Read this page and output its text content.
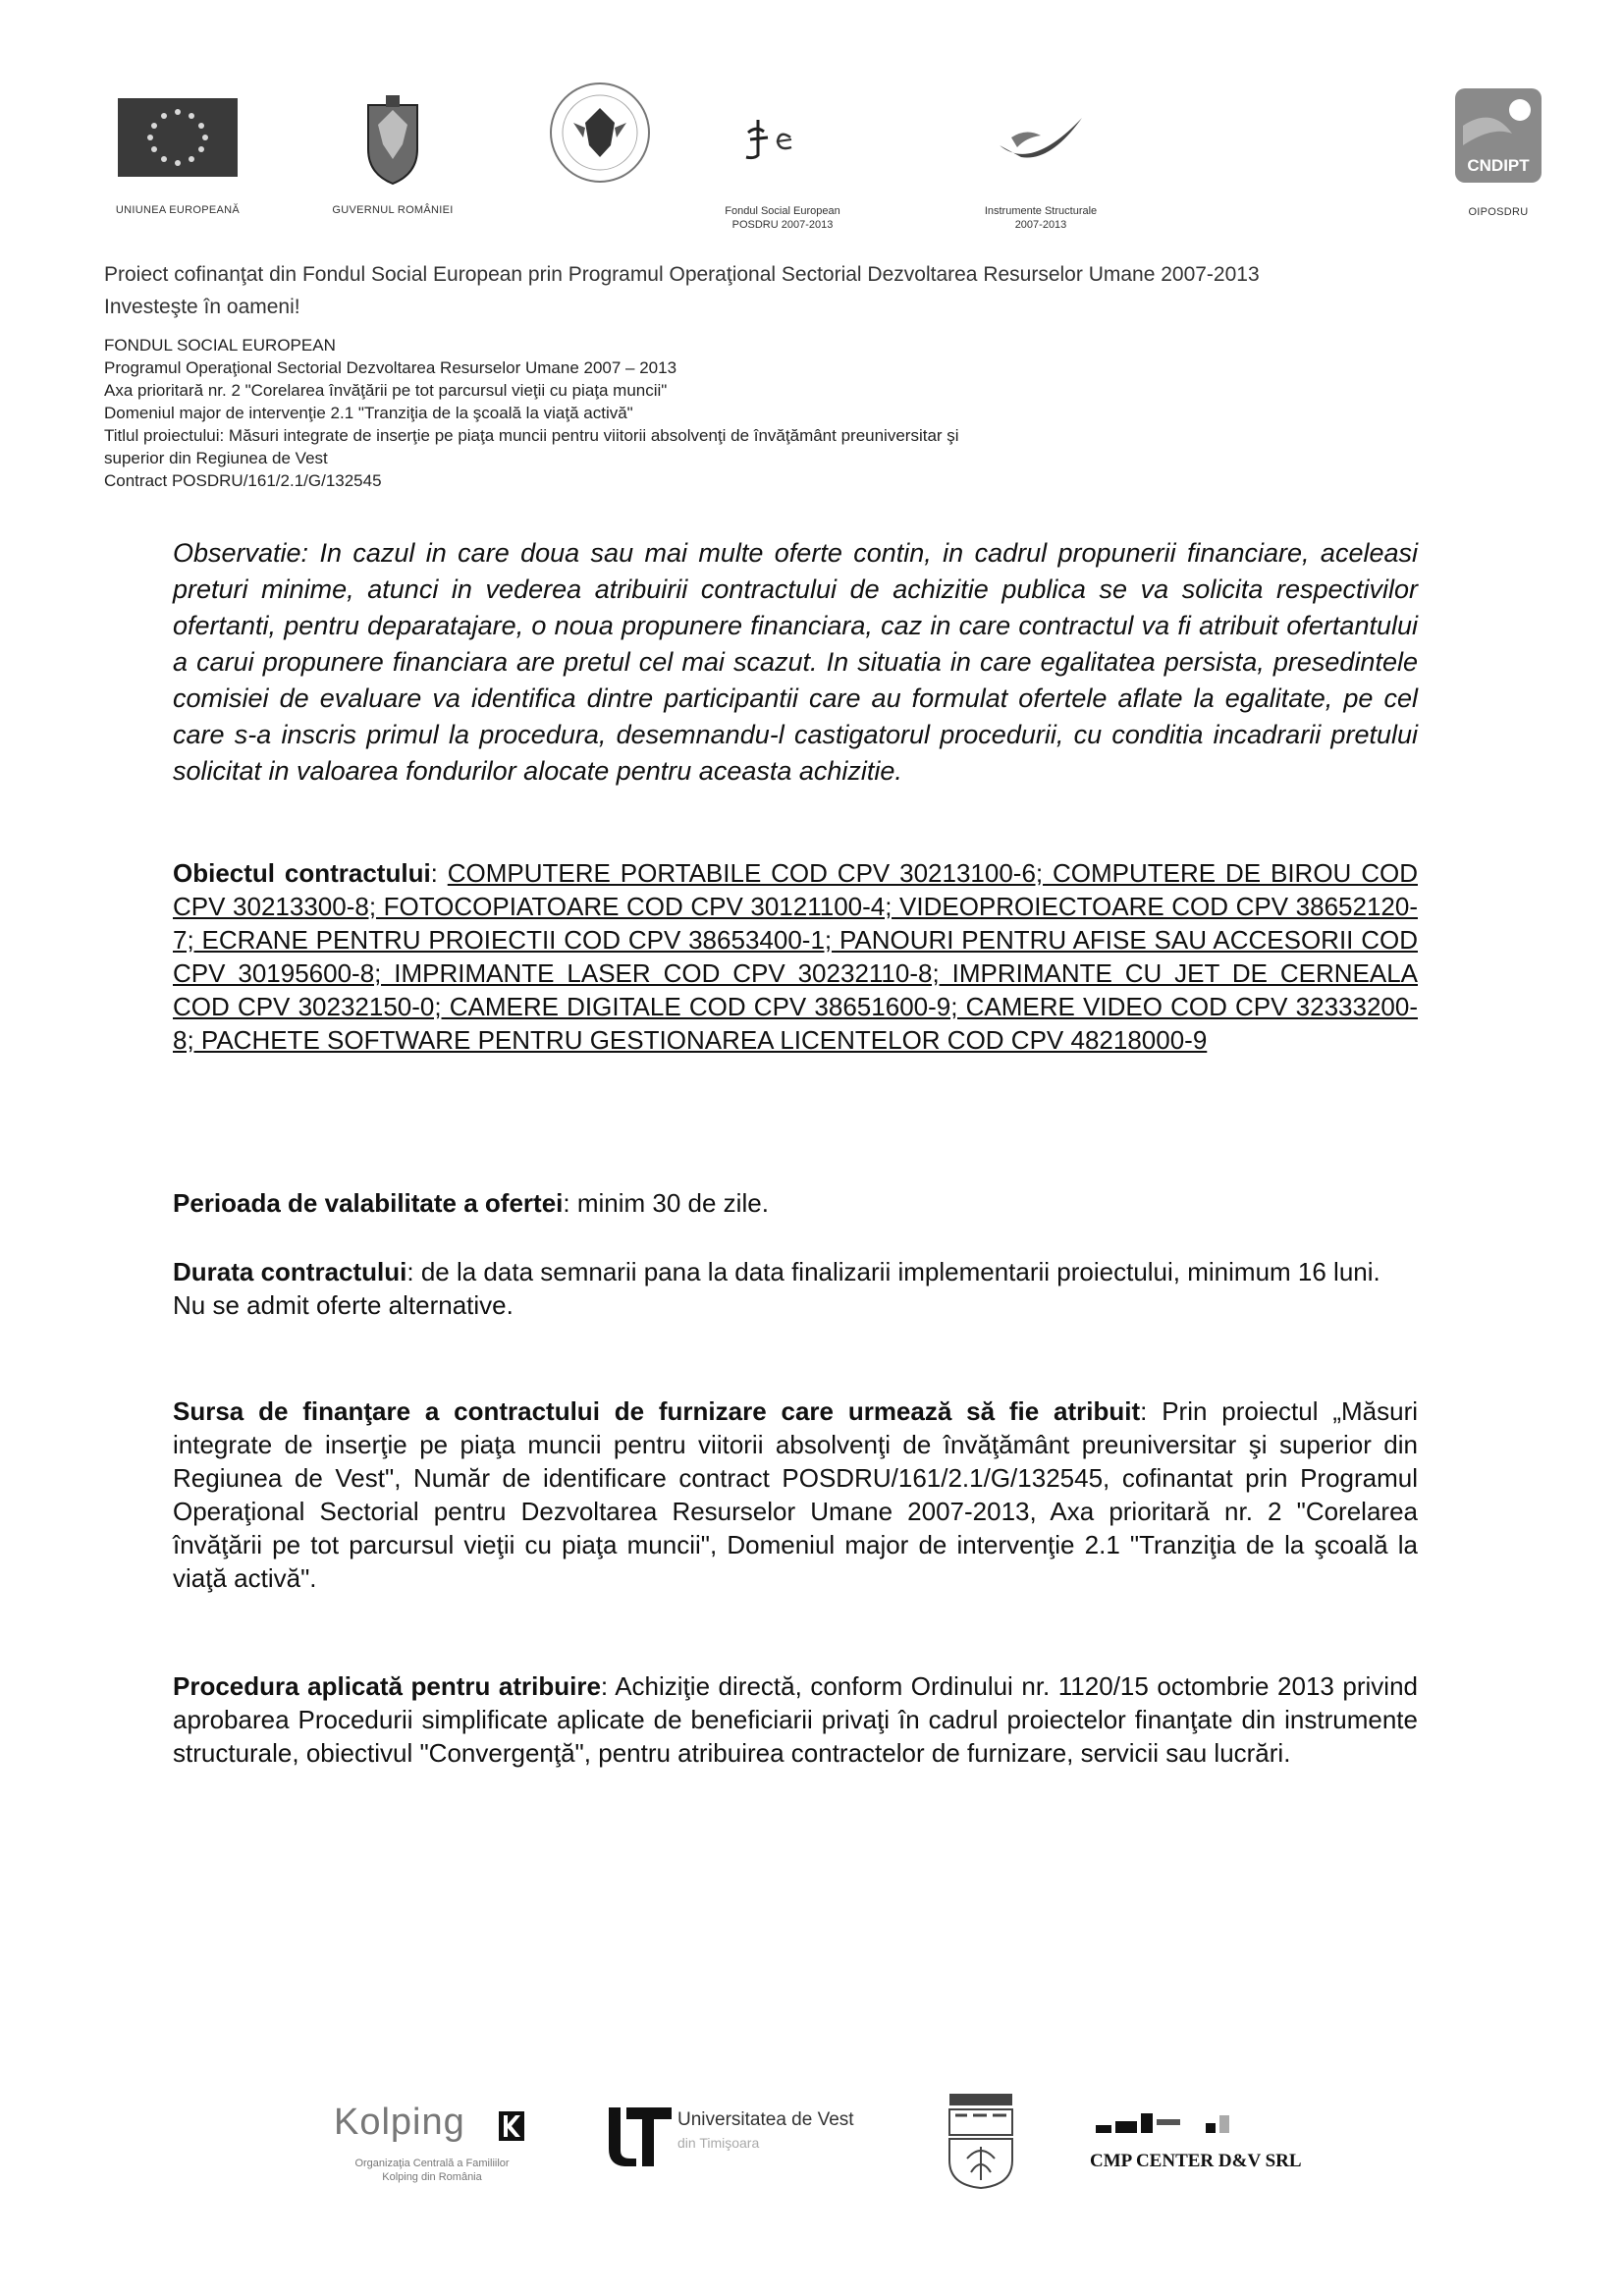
UNIUNEA EUROPEANĂ	GUVERNUL ROMÂNIEI	Fondul Social European
POSDRU 2007-2013
Instrumente Structurale
2007-2013
CNDIPT
OIPOSDRU
Proiect cofinanţat din Fondul Social European prin Programul Operaţional Sectorial Dezvoltarea Resurselor Umane 2007-2013
Investeşte în oameni!
FONDUL SOCIAL EUROPEAN
Programul Operaţional Sectorial Dezvoltarea Resurselor Umane 2007 – 2013
Axa prioritară nr. 2 "Corelarea învăţării pe tot parcursul vieţii cu piaţa muncii"
Domeniul major de intervenţie 2.1 "Tranziţia de la şcoală la viaţă activă"
Titlul proiectului: Măsuri integrate de inserţie pe piaţa muncii pentru viitorii absolvenţi de învăţământ preuniversitar şi
superior din Regiunea de Vest
Contract POSDRU/161/2.1/G/132545
Observatie: In cazul in care doua sau mai multe oferte contin, in cadrul propunerii financiare, aceleasi preturi minime, atunci in vederea atribuirii contractului de achizitie publica se va solicita respectivilor ofertanti, pentru deparatajare, o noua propunere financiara, caz in care contractul va fi atribuit ofertantului a carui propunere financiara are pretul cel mai scazut. In situatia in care egalitatea persista, presedintele comisiei de evaluare va identifica dintre participantii care au formulat ofertele aflate la egalitate, pe cel care s-a inscris primul la procedura, desemnandu-l castigatorul procedurii, cu conditia incadrarii pretului solicitat in valoarea fondurilor alocate pentru aceasta achizitie.
Obiectul contractului: COMPUTERE PORTABILE COD CPV 30213100-6; COMPUTERE DE BIROU COD CPV 30213300-8; FOTOCOPIATOARE COD CPV 30121100-4; VIDEOPROIECTOARE COD CPV 38652120-7; ECRANE PENTRU PROIECTII COD CPV 38653400-1; PANOURI PENTRU AFISE SAU ACCESORII COD CPV 30195600-8; IMPRIMANTE LASER COD CPV 30232110-8; IMPRIMANTE CU JET DE CERNEALA COD CPV 30232150-0; CAMERE DIGITALE COD CPV 38651600-9; CAMERE VIDEO COD CPV 32333200-8; PACHETE SOFTWARE PENTRU GESTIONAREA LICENTELOR COD CPV 48218000-9
Perioada de valabilitate a ofertei: minim 30 de zile.
Durata contractului: de la data semnarii pana la data finalizarii implementarii proiectului, minimum 16 luni.
Nu se admit oferte alternative.
Sursa de finanţare a contractului de furnizare care urmează să fie atribuit: Prin proiectul „Măsuri integrate de inserţie pe piaţa muncii pentru viitorii absolvenţi de învăţământ preuniversitar şi superior din Regiunea de Vest", Număr de identificare contract POSDRU/161/2.1/G/132545, cofinantat prin Programul Operaţional Sectorial pentru Dezvoltarea Resurselor Umane 2007-2013, Axa prioritară nr. 2 "Corelarea învăţării pe tot parcursul vieţii cu piaţa muncii", Domeniul major de intervenţie 2.1 "Tranziţia de la şcoală la viaţă activă".
Procedura aplicată pentru atribuire: Achiziţie directă, conform Ordinului nr. 1120/15 octombrie 2013 privind aprobarea Procedurii simplificate aplicate de beneficiarii privaţi în cadrul proiectelor finanţate din instrumente structurale, obiectivul "Convergenţă", pentru atribuirea contractelor de furnizare, servicii sau lucrări.
Kolping
Organizaţia Centrală a Familiilor
Kolping din România
Universitatea de Vest
din Timişoara
CMP CENTER D&V SRL
